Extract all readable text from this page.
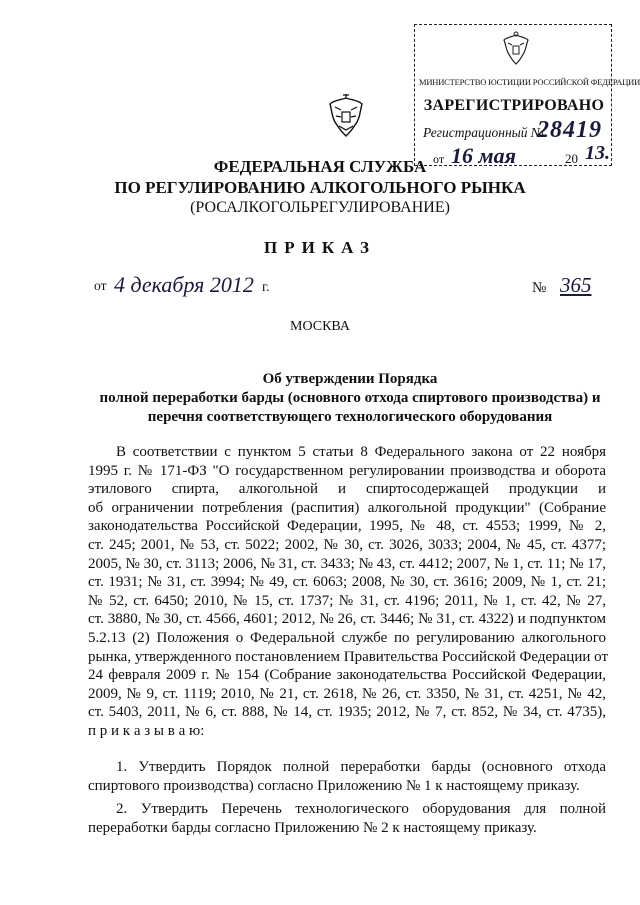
МИНИСТЕРСТВО ЮСТИЦИИ РОССИЙСКОЙ ФЕДЕРАЦИИ
ЗАРЕГИСТРИРОВАНО
Регистрационный №
28419
от 16 мая	20 13.
ФЕДЕРАЛЬНАЯ СЛУЖБА
ПО РЕГУЛИРОВАНИЮ АЛКОГОЛЬНОГО РЫНКА
(РОСАЛКОГОЛЬРЕГУЛИРОВАНИЕ)
ПРИКАЗ
от 4 декабря 2012 г.	№ 365
МОСКВА
Об утверждении Порядка
полной переработки барды (основного отхода спиртового производства) и
перечня соответствующего технологического оборудования
В соответствии с пунктом 5 статьи 8 Федерального закона от 22 ноября
1995 г. № 171-ФЗ "О государственном регулировании производства и оборота
этилового спирта, алкогольной и спиртосодержащей продукции и
об ограничении потребления (распития) алкогольной продукции" (Собрание
законодательства Российской Федерации, 1995, № 48, ст. 4553; 1999, № 2,
ст. 245; 2001, № 53, ст. 5022; 2002, № 30, ст. 3026, 3033; 2004, № 45, ст. 4377;
2005, № 30, ст. 3113; 2006, № 31, ст. 3433; № 43, ст. 4412; 2007, № 1, ст. 11; № 17,
ст. 1931; № 31, ст. 3994; № 49, ст. 6063; 2008, № 30, ст. 3616; 2009, № 1, ст. 21;
№ 52, ст. 6450; 2010, № 15, ст. 1737; № 31, ст. 4196; 2011, № 1, ст. 42, № 27,
ст. 3880, № 30, ст. 4566, 4601; 2012, № 26, ст. 3446; № 31, ст. 4322) и подпунктом
5.2.13 (2) Положения о Федеральной службе по регулированию алкогольного
рынка, утвержденного постановлением Правительства Российской Федерации от
24 февраля 2009 г. № 154 (Собрание законодательства Российской Федерации,
2009, № 9, ст. 1119; 2010, № 21, ст. 2618, № 26, ст. 3350, № 31, ст. 4251, № 42,
ст. 5403, 2011, № 6, ст. 888, № 14, ст. 1935; 2012, № 7, ст. 852, № 34, ст. 4735),
п р и к а з ы в а ю:
1. Утвердить Порядок полной переработки барды (основного отхода
спиртового производства) согласно Приложению № 1 к настоящему приказу.
2. Утвердить Перечень технологического оборудования для полной
переработки барды согласно Приложению № 2 к настоящему приказу.
